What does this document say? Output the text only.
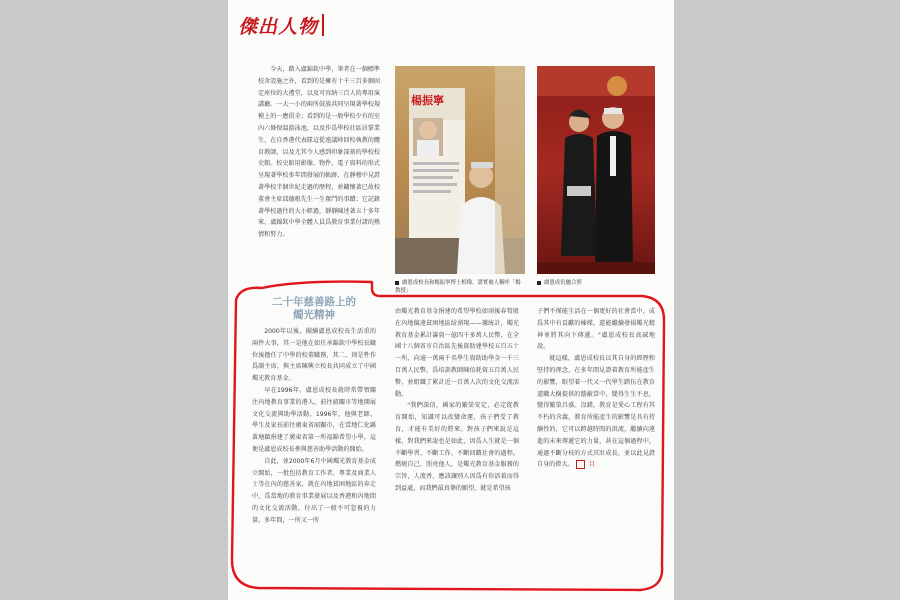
傑出人物

今天，踏入盧錦欽中學，筆者在一個標準校舍設施之外，看到的是擁有十千三百多個固定座位的大禮堂，以及可容納三百人的專用演講廳。一大一小的兩所鼓族共同呈現著學校規模上的一應俱全；看到的是一般學校少有的室內六條保溫游泳池，以及作爲學校社區居掌業生，在自香港代表隊這從遠議陣回校執教的體育教師，以及尤其令人感到印象深刻的學校校史館。校史館用影像、物件、電子資料的形式呈現著學校多年間發展的軌跡，在靜穆中見證著學校半個世紀走過的歷程，並鏞懷著已故校董會主席邱德根先生一生奮鬥的事蹟；它記錄著學校過往的大小經過，靜靜陳述著五十多年來，盧錦欽中學全體人員爲教育事業付諸的熱情和努力。

楊振寧
盧恩成校長和楊振寧博士相像，證實被人稱呼「楊教授」
盧恩成伉儷合照
二十年慈善路上的
燭光精神

2000年以後，團續盧恩成校長生活重的兩件大事，其一是他在如任承錦欽中學校長職位後擔任了中學的校董職務，其二，則是牲作爲副主席，與主席陳興立校長共同成立了中國燭光教育基金。

早在1996年，盧恩成校長就時常帶領關注內地教育事業的港人，前往韶關市等地開展文化交流與助學活動。1996年，他與老師、學生及家長前往廣東省韶關市，在當地仁化縣黃塘鎮捐建了廣東省第一所福錦希望小學，這便是盧恩成校長參與慈善助學活動的開始。

自此，並2000年6月中國燭光教育基金成立開始，一批包括教育工作者、專業及商業人士等在內的慈善家，就在內地貧困地區的奔走中，爲當地的教育事業發展以及香港和內地間的文化交流活動，付出了一般不可忽視的力量。多年間，一所又一所

由燭光教育基金捐建的希望學校如雨後春筍般在內地偏遠貧困地區紛湧現——據統計，燭光教育基金累計籌資一億四千多萬人民幣，在全國十八個省市自治區先後資助建學校五百五十一所，向逾一萬兩千名學生資助助學金一千三百萬人民幣，爲培訓教師陳佰耗資五百萬人民幣，並組織了累計近一百萬人次的文化交流活動。

"我們深信，國家的繁榮安定，必定從教育開始，知識可以改變命運，孩子們受了教育，才能有美好的將來。對孩子們來說是這樣，對我們來說也是如此，因爲人生就是一個不斷學習、不斷工作、不斷回饋社會的過程。燃燒自己，照亮他人，是燭光教育基金服務的宗旨，人流香，應該讓別人因爲有你活着而得到益處，而我們最真摯的願望，就是希望孩

子們不僅能生活在一個更好的社會當中，成爲其中有貢獻的棟樑，還能繼續發揚燭光精神並將其向下傳遞。"盧恩成校長真誠地說。

就這樣，盧恩成校長以其自身的經歷和堅持的理念，在多年間見證着教育所能產生的影響，眼望着一代又一代學生踏伍在教育道職大樹提供的蔭蔽當中，變得生生不息，變得繁榮昌盛。沒錯，教育是愛心工程有其不朽的含義，教育所能產生的影響是具有持續性的，它可以跨越時間的洪流，繼續向遠進的未來傳遞它的力量，甚在這個過程中，通過不斷分枝的方式茁壯成長，並以此見證自身的偉大。	目
